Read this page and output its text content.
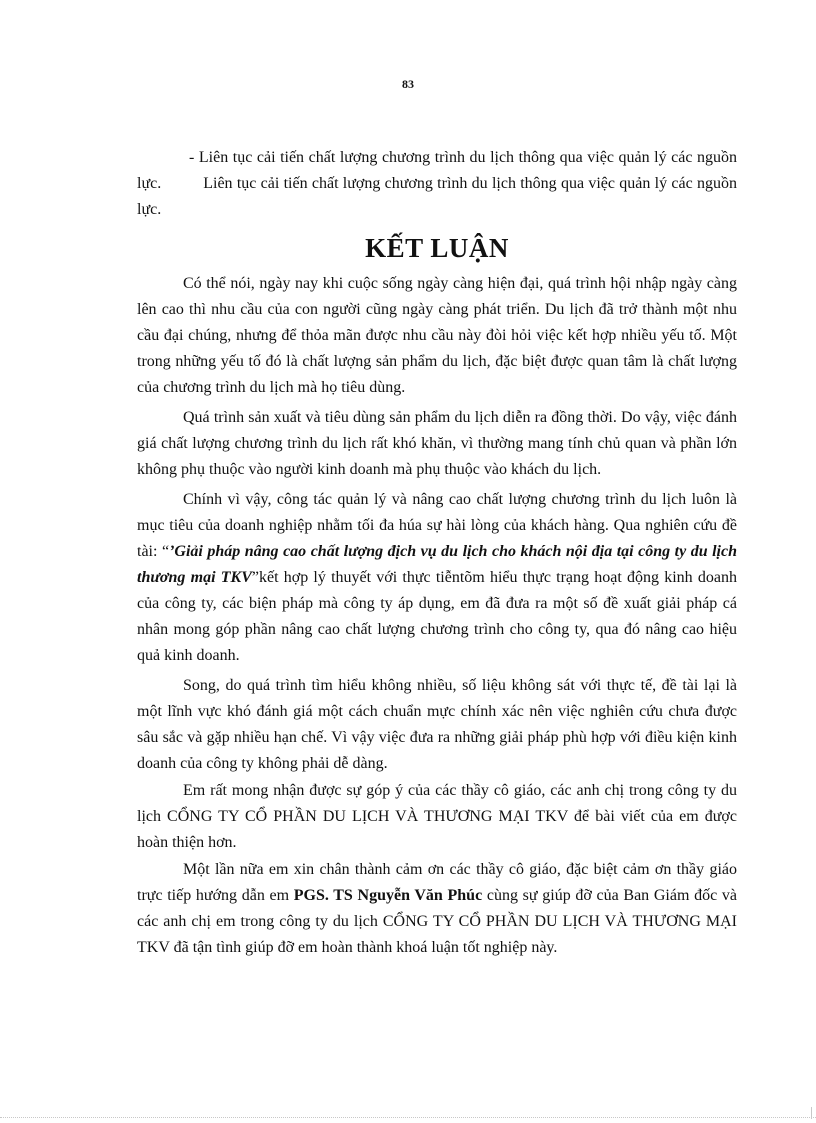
83

- Liên tục cải tiến chất lượng chương trình du lịch thông qua việc quản lý các nguồn lực.	Liên tục cải tiến chất lượng chương trình du lịch thông qua việc quản lý các nguồn lực.

KẾT LUẬN

Có thể nói, ngày nay khi cuộc sống ngày càng hiện đại, quá trình hội nhập ngày càng lên cao thì nhu cầu của con người cũng ngày càng phát triển. Du lịch đã trở thành một nhu cầu đại chúng, nhưng để thỏa mãn được nhu cầu này đòi hỏi việc kết hợp nhiều yếu tố. Một trong những yếu tố đó là chất lượng sản phẩm du lịch, đặc biệt được quan tâm là chất lượng của chương trình du lịch mà họ tiêu dùng.

Quá trình sản xuất và tiêu dùng sản phẩm du lịch diễn ra đồng thời. Do vậy, việc đánh giá chất lượng chương trình du lịch rất khó khăn, vì thường mang tính chủ quan và phần lớn không phụ thuộc vào người kinh doanh mà phụ thuộc vào khách du lịch.

Chính vì vậy, công tác quản lý và nâng cao chất lượng chương trình du lịch luôn là mục tiêu của doanh nghiệp nhằm tối đa húa sự hài lòng của khách hàng. Qua nghiên cứu đề tài: “’Giải pháp nâng cao chất lượng địch vụ du lịch cho khách nội địa tại công ty du lịch thương mại TKV”kết hợp lý thuyết với thực tiễntõm hiểu thực trạng hoạt động kinh doanh của công ty, các biện pháp mà công ty áp dụng, em đã đưa ra một số đề xuất giải pháp cá nhân mong góp phần nâng cao chất lượng chương trình cho công ty, qua đó nâng cao hiệu quả kinh doanh.

Song, do quá trình tìm hiểu không nhiều, số liệu không sát với thực tế, đề tài lại là một lĩnh vực khó đánh giá một cách chuẩn mực chính xác nên việc nghiên cứu chưa được sâu sắc và gặp nhiều hạn chế. Vì vậy việc đưa ra những giải pháp phù hợp với điều kiện kinh doanh của công ty không phải dễ dàng.

Em rất mong nhận được sự góp ý của các thầy cô giáo, các anh chị trong công ty du lịch CỔNG TY CỔ PHẦN DU LỊCH VÀ THƯƠNG MẠI TKV để bài viết của em được hoàn thiện hơn.

Một lần nữa em xin chân thành cảm ơn các thầy cô giáo, đặc biệt cảm ơn thầy giáo trực tiếp hướng dẫn em PGS. TS Nguyễn Văn Phúc cùng sự giúp đỡ của Ban Giám đốc và các anh chị em trong công ty du lịch CỔNG TY CỔ PHẦN DU LỊCH VÀ THƯƠNG MẠI TKV đã tận tình giúp đỡ em hoàn thành khoá luận tốt nghiệp này.
